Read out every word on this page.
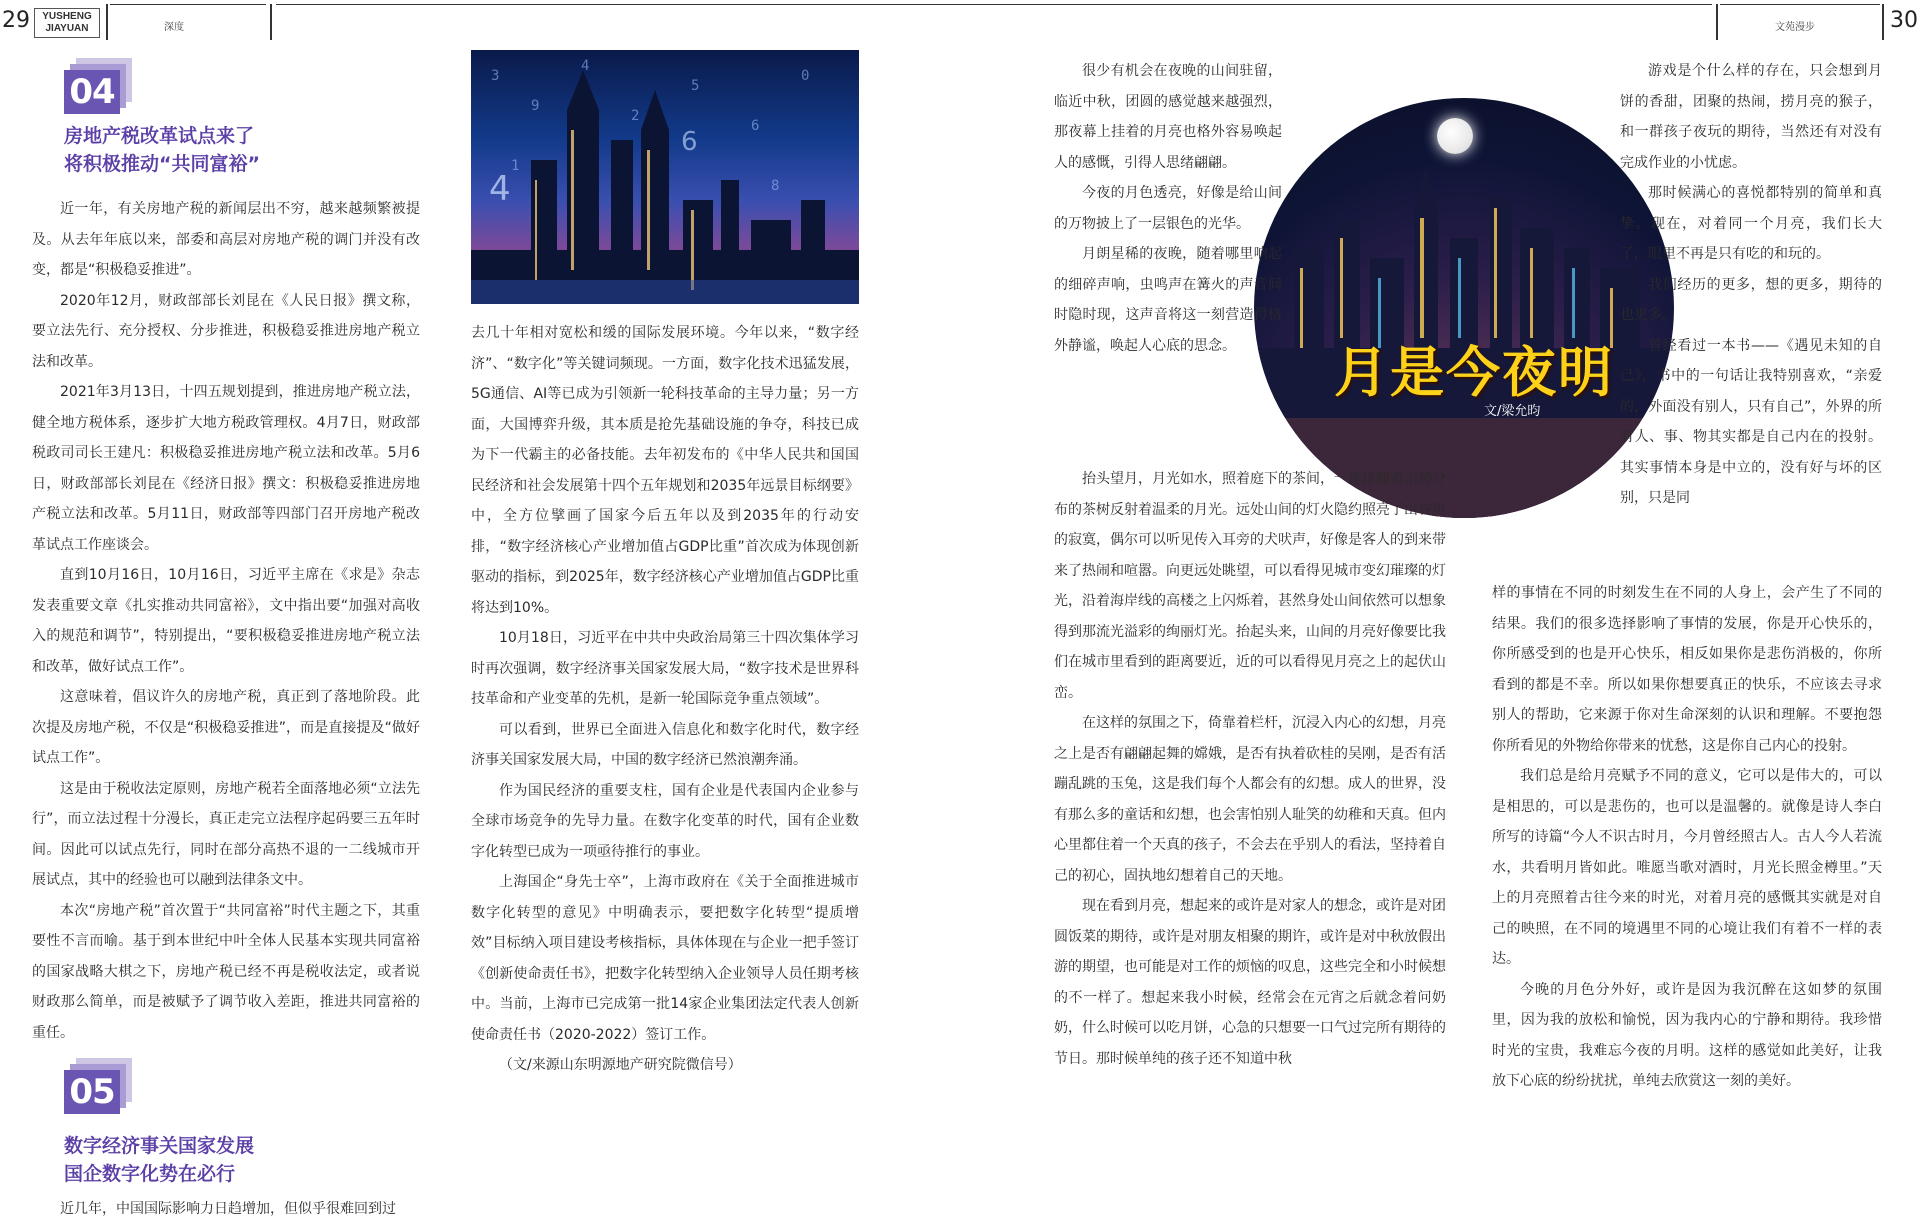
29	YUSHENG
JIAYUAN	深度	文苑漫步	30
04
房地产税改革试点来了
将积极推动“共同富裕”

近一年，有关房地产税的新闻层出不穷，越来越频繁被提及。从去年年底以来，部委和高层对房地产税的调门并没有改变，都是“积极稳妥推进”。

2020年12月，财政部部长刘昆在《人民日报》撰文称，要立法先行、充分授权、分步推进，积极稳妥推进房地产税立法和改革。

2021年3月13日，十四五规划提到，推进房地产税立法，健全地方税体系，逐步扩大地方税政管理权。4月7日，财政部税政司司长王建凡：积极稳妥推进房地产税立法和改革。5月6日，财政部部长刘昆在《经济日报》撰文：积极稳妥推进房地产税立法和改革。5月11日，财政部等四部门召开房地产税改革试点工作座谈会。

直到10月16日，10月16日，习近平主席在《求是》杂志发表重要文章《扎实推动共同富裕》，文中指出要“加强对高收入的规范和调节”，特别提出，“要积极稳妥推进房地产税立法和改革，做好试点工作”。

这意味着，倡议许久的房地产税，真正到了落地阶段。此次提及房地产税，不仅是“积极稳妥推进”，而是直接提及“做好试点工作”。

这是由于税收法定原则，房地产税若全面落地必须“立法先行”，而立法过程十分漫长，真正走完立法程序起码要三五年时间。因此可以试点先行，同时在部分高热不退的一二线城市开展试点，其中的经验也可以融到法律条文中。

本次“房地产税”首次置于“共同富裕”时代主题之下，其重要性不言而喻。基于到本世纪中叶全体人民基本实现共同富裕的国家战略大棋之下，房地产税已经不再是税收法定，或者说财政那么简单，而是被赋予了调节收入差距，推进共同富裕的重任。

05
数字经济事关国家发展
国企数字化势在必行

近几年，中国国际影响力日趋增加，但似乎很难回到过

3
9
4
2
5
6
0
1
8
4
6

去几十年相对宽松和缓的国际发展环境。今年以来，“数字经济”、“数字化”等关键词频现。一方面，数字化技术迅猛发展，5G通信、AI等已成为引领新一轮科技革命的主导力量；另一方面，大国博弈升级，其本质是抢先基础设施的争夺，科技已成为下一代霸主的必备技能。去年初发布的《中华人民共和国国民经济和社会发展第十四个五年规划和2035年远景目标纲要》中，全方位擘画了国家今后五年以及到2035年的行动安排，“数字经济核心产业增加值占GDP比重”首次成为体现创新驱动的指标，到2025年，数字经济核心产业增加值占GDP比重将达到10%。

10月18日，习近平在中共中央政治局第三十四次集体学习时再次强调，数字经济事关国家发展大局，“数字技术是世界科技革命和产业变革的先机，是新一轮国际竞争重点领域”。

可以看到，世界已全面进入信息化和数字化时代，数字经济事关国家发展大局，中国的数字经济已然浪潮奔涌。

作为国民经济的重要支柱，国有企业是代表国内企业参与全球市场竞争的先导力量。在数字化变革的时代，国有企业数字化转型已成为一项亟待推行的事业。

上海国企“身先士卒”，上海市政府在《关于全面推进城市数字化转型的意见》中明确表示，要把数字化转型“提质增效”目标纳入项目建设考核指标，具体体现在与企业一把手签订《创新使命责任书》，把数字化转型纳入企业领导人员任期考核中。当前，上海市已完成第一批14家企业集团法定代表人创新使命责任书（2020-2022）签订工作。

（文/来源山东明源地产研究院微信号）

月是今夜明
文/梁允昀

很少有机会在夜晚的山间驻留，临近中秋，团圆的感觉越来越强烈，那夜幕上挂着的月亮也格外容易唤起人的感慨，引得人思绪翩翩。

今夜的月色透亮，好像是给山间的万物披上了一层银色的光华。

月朗星稀的夜晚，随着哪里响起的细碎声响，虫鸣声在篝火的声音间时隐时现，这声音将这一刻营造得格外静谧，唤起人心底的思念。

抬头望月，月光如水，照着庭下的茶间，一排排随着山势分布的茶树反射着温柔的月光。远处山间的灯火隐约照亮了山谷里的寂寞，偶尔可以听见传入耳旁的犬吠声，好像是客人的到来带来了热闹和喧嚣。向更远处眺望，可以看得见城市变幻璀璨的灯光，沿着海岸线的高楼之上闪烁着，甚然身处山间依然可以想象得到那流光溢彩的绚丽灯光。抬起头来，山间的月亮好像要比我们在城市里看到的距离要近，近的可以看得见月亮之上的起伏山峦。

在这样的氛围之下，倚靠着栏杆，沉浸入内心的幻想，月亮之上是否有翩翩起舞的嫦娥，是否有执着砍桂的吴刚，是否有活蹦乱跳的玉兔，这是我们每个人都会有的幻想。成人的世界，没有那么多的童话和幻想，也会害怕别人耻笑的幼稚和天真。但内心里都住着一个天真的孩子，不会去在乎别人的看法，坚持着自己的初心，固执地幻想着自己的天地。

现在看到月亮，想起来的或许是对家人的想念，或许是对团圆饭菜的期待，或许是对朋友相聚的期许，或许是对中秋放假出游的期望，也可能是对工作的烦恼的叹息，这些完全和小时候想的不一样了。想起来我小时候，经常会在元宵之后就念着问奶奶，什么时候可以吃月饼，心急的只想要一口气过完所有期待的节日。那时候单纯的孩子还不知道中秋

游戏是个什么样的存在，只会想到月饼的香甜，团聚的热闹，捞月亮的猴子，和一群孩子夜玩的期待，当然还有对没有完成作业的小忧虑。

那时候满心的喜悦都特别的简单和真挚。现在，对着同一个月亮，我们长大了，眼里不再是只有吃的和玩的。

我们经历的更多，想的更多，期待的也更多。

曾经看过一本书——《遇见未知的自己》，书中的一句话让我特别喜欢，“亲爱的，外面没有别人，只有自己”，外界的所有人、事、物其实都是自己内在的投射。其实事情本身是中立的，没有好与坏的区别，只是同

样的事情在不同的时刻发生在不同的人身上，会产生了不同的结果。我们的很多选择影响了事情的发展，你是开心快乐的，你所感受到的也是开心快乐，相反如果你是悲伤消极的，你所看到的都是不幸。所以如果你想要真正的快乐，不应该去寻求别人的帮助，它来源于你对生命深刻的认识和理解。不要抱怨你所看见的外物给你带来的忧愁，这是你自己内心的投射。

我们总是给月亮赋予不同的意义，它可以是伟大的，可以是相思的，可以是悲伤的，也可以是温馨的。就像是诗人李白所写的诗篇“今人不识古时月，今月曾经照古人。古人今人若流水，共看明月皆如此。唯愿当歌对酒时，月光长照金樽里。”天上的月亮照着古往今来的时光，对着月亮的感慨其实就是对自己的映照，在不同的境遇里不同的心境让我们有着不一样的表达。

今晚的月色分外好，或许是因为我沉醉在这如梦的氛围里，因为我的放松和愉悦，因为我内心的宁静和期待。我珍惜时光的宝贵，我难忘今夜的月明。这样的感觉如此美好，让我放下心底的纷纷扰扰，单纯去欣赏这一刻的美好。
